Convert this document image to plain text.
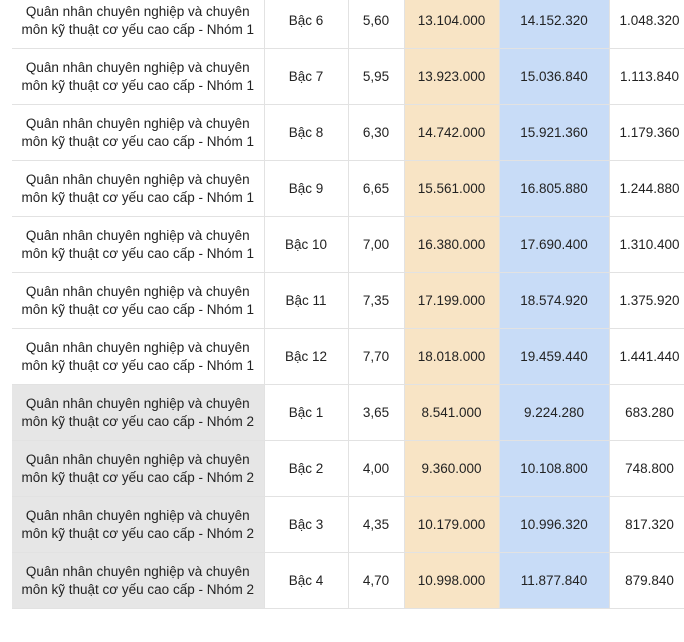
Quân nhân chuyên nghiệp và chuyên môn kỹ thuật cơ yếu cao cấp - Nhóm 1	Bậc 6	5,60	13.104.000	14.152.320	1.048.320
Quân nhân chuyên nghiệp và chuyên môn kỹ thuật cơ yếu cao cấp - Nhóm 1	Bậc 7	5,95	13.923.000	15.036.840	1.113.840
Quân nhân chuyên nghiệp và chuyên môn kỹ thuật cơ yếu cao cấp - Nhóm 1	Bậc 8	6,30	14.742.000	15.921.360	1.179.360
Quân nhân chuyên nghiệp và chuyên môn kỹ thuật cơ yếu cao cấp - Nhóm 1	Bậc 9	6,65	15.561.000	16.805.880	1.244.880
Quân nhân chuyên nghiệp và chuyên môn kỹ thuật cơ yếu cao cấp - Nhóm 1	Bậc 10	7,00	16.380.000	17.690.400	1.310.400
Quân nhân chuyên nghiệp và chuyên môn kỹ thuật cơ yếu cao cấp - Nhóm 1	Bậc 11	7,35	17.199.000	18.574.920	1.375.920
Quân nhân chuyên nghiệp và chuyên môn kỹ thuật cơ yếu cao cấp - Nhóm 1	Bậc 12	7,70	18.018.000	19.459.440	1.441.440
Quân nhân chuyên nghiệp và chuyên môn kỹ thuật cơ yếu cao cấp - Nhóm 2	Bậc 1	3,65	8.541.000	9.224.280	683.280
Quân nhân chuyên nghiệp và chuyên môn kỹ thuật cơ yếu cao cấp - Nhóm 2	Bậc 2	4,00	9.360.000	10.108.800	748.800
Quân nhân chuyên nghiệp và chuyên môn kỹ thuật cơ yếu cao cấp - Nhóm 2	Bậc 3	4,35	10.179.000	10.996.320	817.320
Quân nhân chuyên nghiệp và chuyên môn kỹ thuật cơ yếu cao cấp - Nhóm 2	Bậc 4	4,70	10.998.000	11.877.840	879.840
